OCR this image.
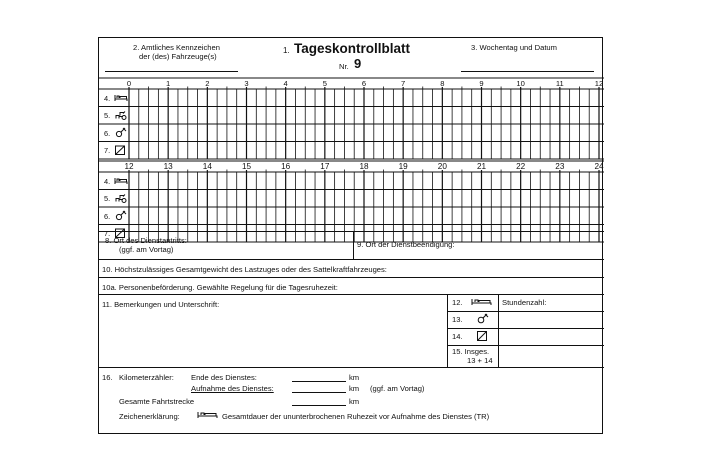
2. Amtliches Kennzeichen
der (des) Fahrzeuge(s)
1. Tageskontrollblatt
Nr. 9
3. Wochentag und Datum
8. Ort des Dienstantritts:
(ggf. am Vortag)
9. Ort der Dienstbeendigung:
10. Höchstzulässiges Gesamtgewicht des Lastzuges oder des Sattelkraftfahrzeuges:
10a. Personenbeförderung. Gewählte Regelung für die Tagesruhezeit:
11. Bemerkungen und Unterschrift:	12.	Stundenzahl:
13.
14.
15. Insges.
13 + 14
16. Kilometerzähler: Ende des Dienstes:	km
Aufnahme des Dienstes:	km (ggf. am Vortag)
Gesamte Fahrtstrecke	km
Zeichenerklärung:	Gesamtdauer der ununterbrochenen Ruhezeit vor Aufnahme des Dienstes (TR)
0	1	2	3	4	5	6	7	8	9	10	11	12
4.
5.
6.
7.
12	13	14	15	16	17	18	19	20	21	22	23	24
4.
5.
6.
7.
